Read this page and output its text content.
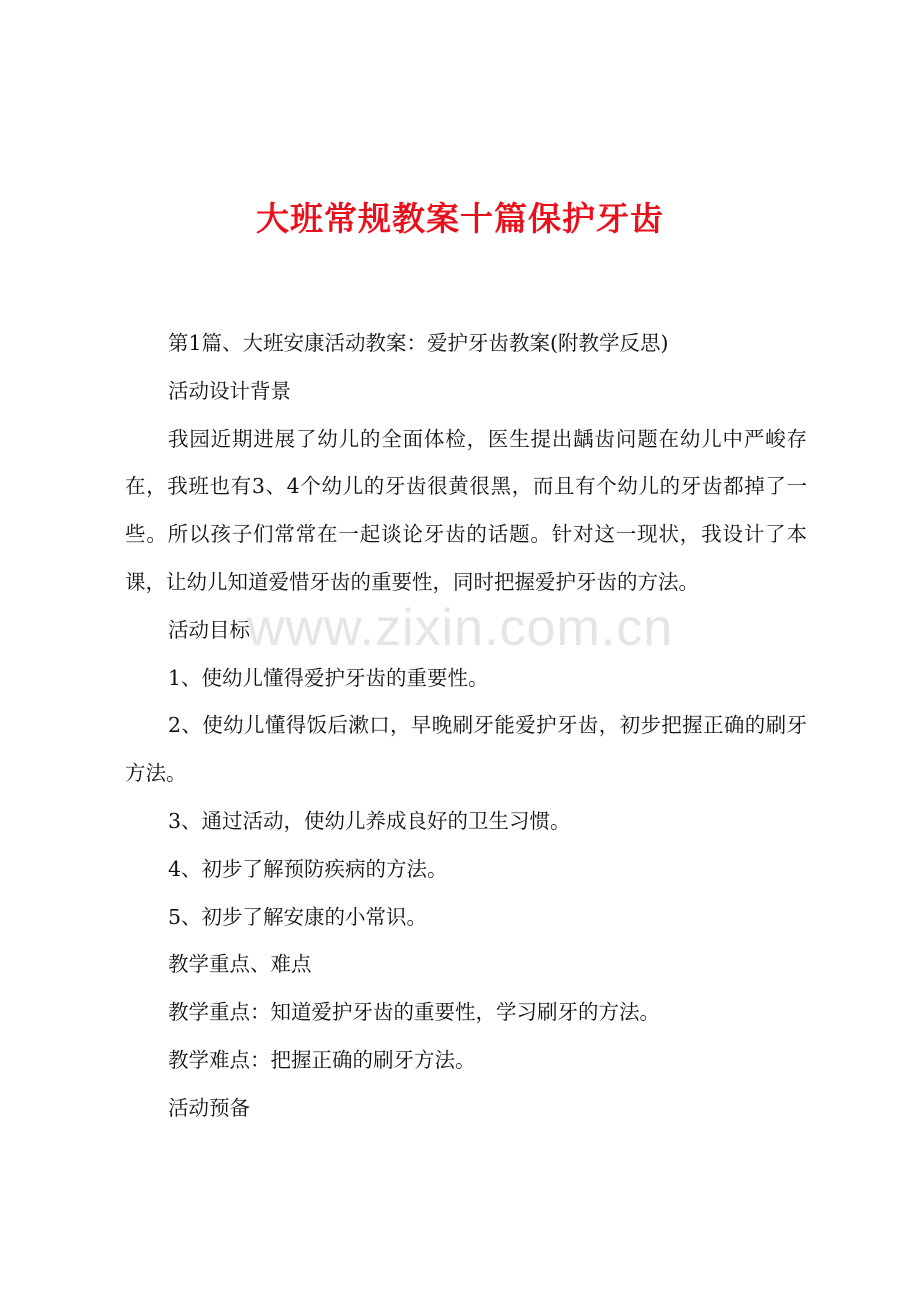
大班常规教案十篇保护牙齿

第1篇、大班安康活动教案：爱护牙齿教案(附教学反思)

活动设计背景

我园近期进展了幼儿的全面体检，医生提出龋齿问题在幼儿中严峻存在，我班也有3、4个幼儿的牙齿很黄很黑，而且有个幼儿的牙齿都掉了一些。所以孩子们常常在一起谈论牙齿的话题。针对这一现状，我设计了本课，让幼儿知道爱惜牙齿的重要性，同时把握爱护牙齿的方法。

活动目标

1、使幼儿懂得爱护牙齿的重要性。

2、使幼儿懂得饭后漱口，早晚刷牙能爱护牙齿，初步把握正确的刷牙方法。

3、通过活动，使幼儿养成良好的卫生习惯。

4、初步了解预防疾病的方法。

5、初步了解安康的小常识。

教学重点、难点

教学重点：知道爱护牙齿的重要性，学习刷牙的方法。

教学难点：把握正确的刷牙方法。

活动预备

www.zixin.com.cn
